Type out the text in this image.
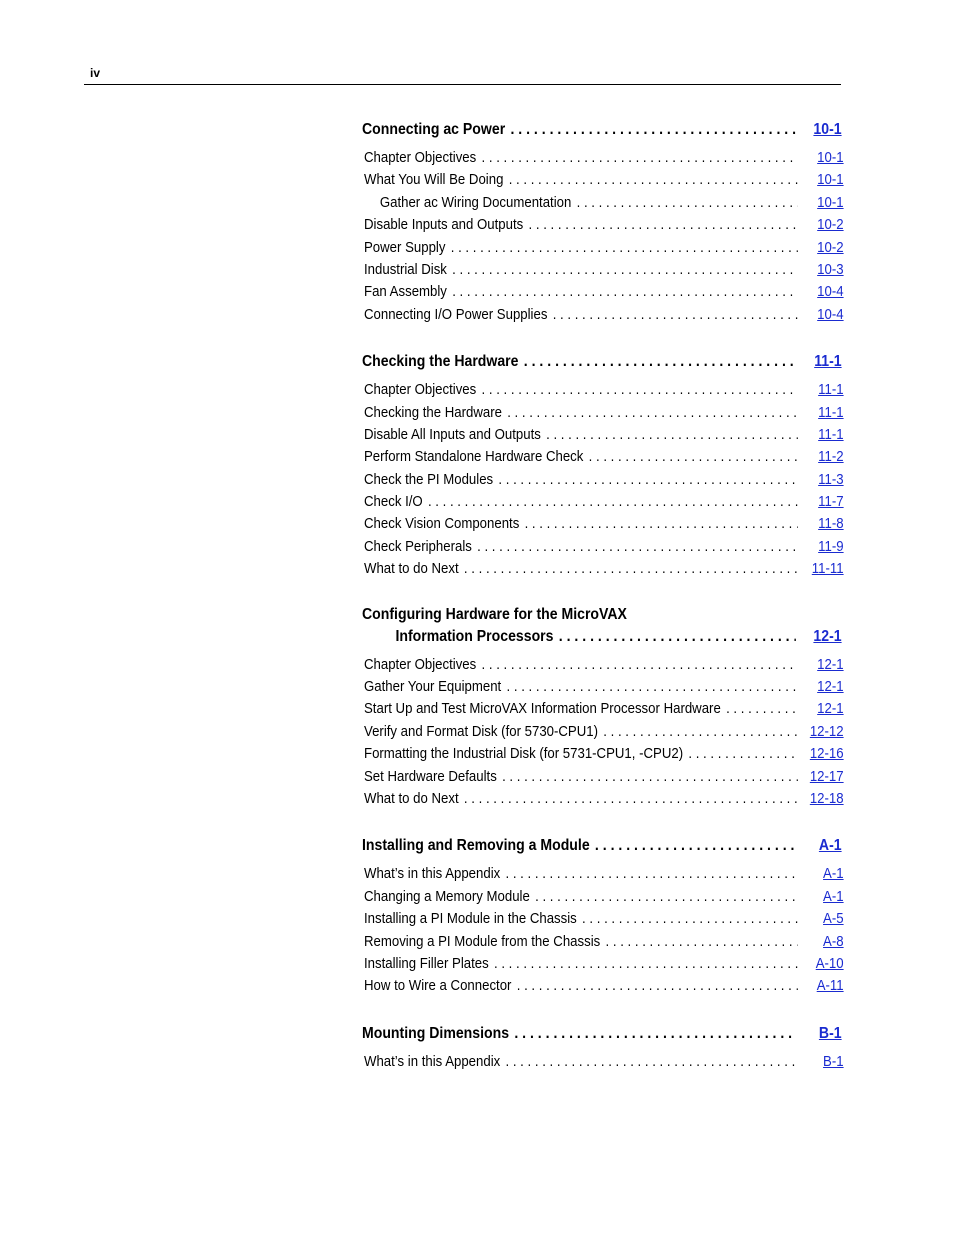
iv
Connecting ac Power . . .	10-1
Chapter Objectives . . .	10-1
What You Will Be Doing . . .	10-1
Gather ac Wiring Documentation . . .	10-1
Disable Inputs and Outputs . . .	10-2
Power Supply . . .	10-2
Industrial Disk . . .	10-3
Fan Assembly . . .	10-4
Connecting I/O Power Supplies . . .	10-4
Checking the Hardware . . .	11-1
Chapter Objectives . . .	11-1
Checking the Hardware . . .	11-1
Disable All Inputs and Outputs . . .	11-1
Perform Standalone Hardware Check . . .	11-2
Check the PI Modules . . .	11-3
Check I/O . . .	11-7
Check Vision Components . . .	11-8
Check Peripherals . . .	11-9
What to do Next . . .	11-11
Configuring Hardware for the MicroVAX
Information Processors . . .	12-1
Chapter Objectives . . .	12-1
Gather Your Equipment . . .	12-1
Start Up and Test MicroVAX Information Processor Hardware . . .	12-1
Verify and Format Disk (for 5730-CPU1) . . .	12-12
Formatting the Industrial Disk (for 5731-CPU1, -CPU2) . . .	12-16
Set Hardware Defaults . . .	12-17
What to do Next . . .	12-18
Installing and Removing a Module . . .	A-1
What’s in this Appendix . . .	A-1
Changing a Memory Module . . .	A-1
Installing a PI Module in the Chassis . . .	A-5
Removing a PI Module from the Chassis . . .	A-8
Installing Filler Plates . . .	A-10
How to Wire a Connector . . .	A-11
Mounting Dimensions . . .	B-1
What’s in this Appendix . . .	B-1
